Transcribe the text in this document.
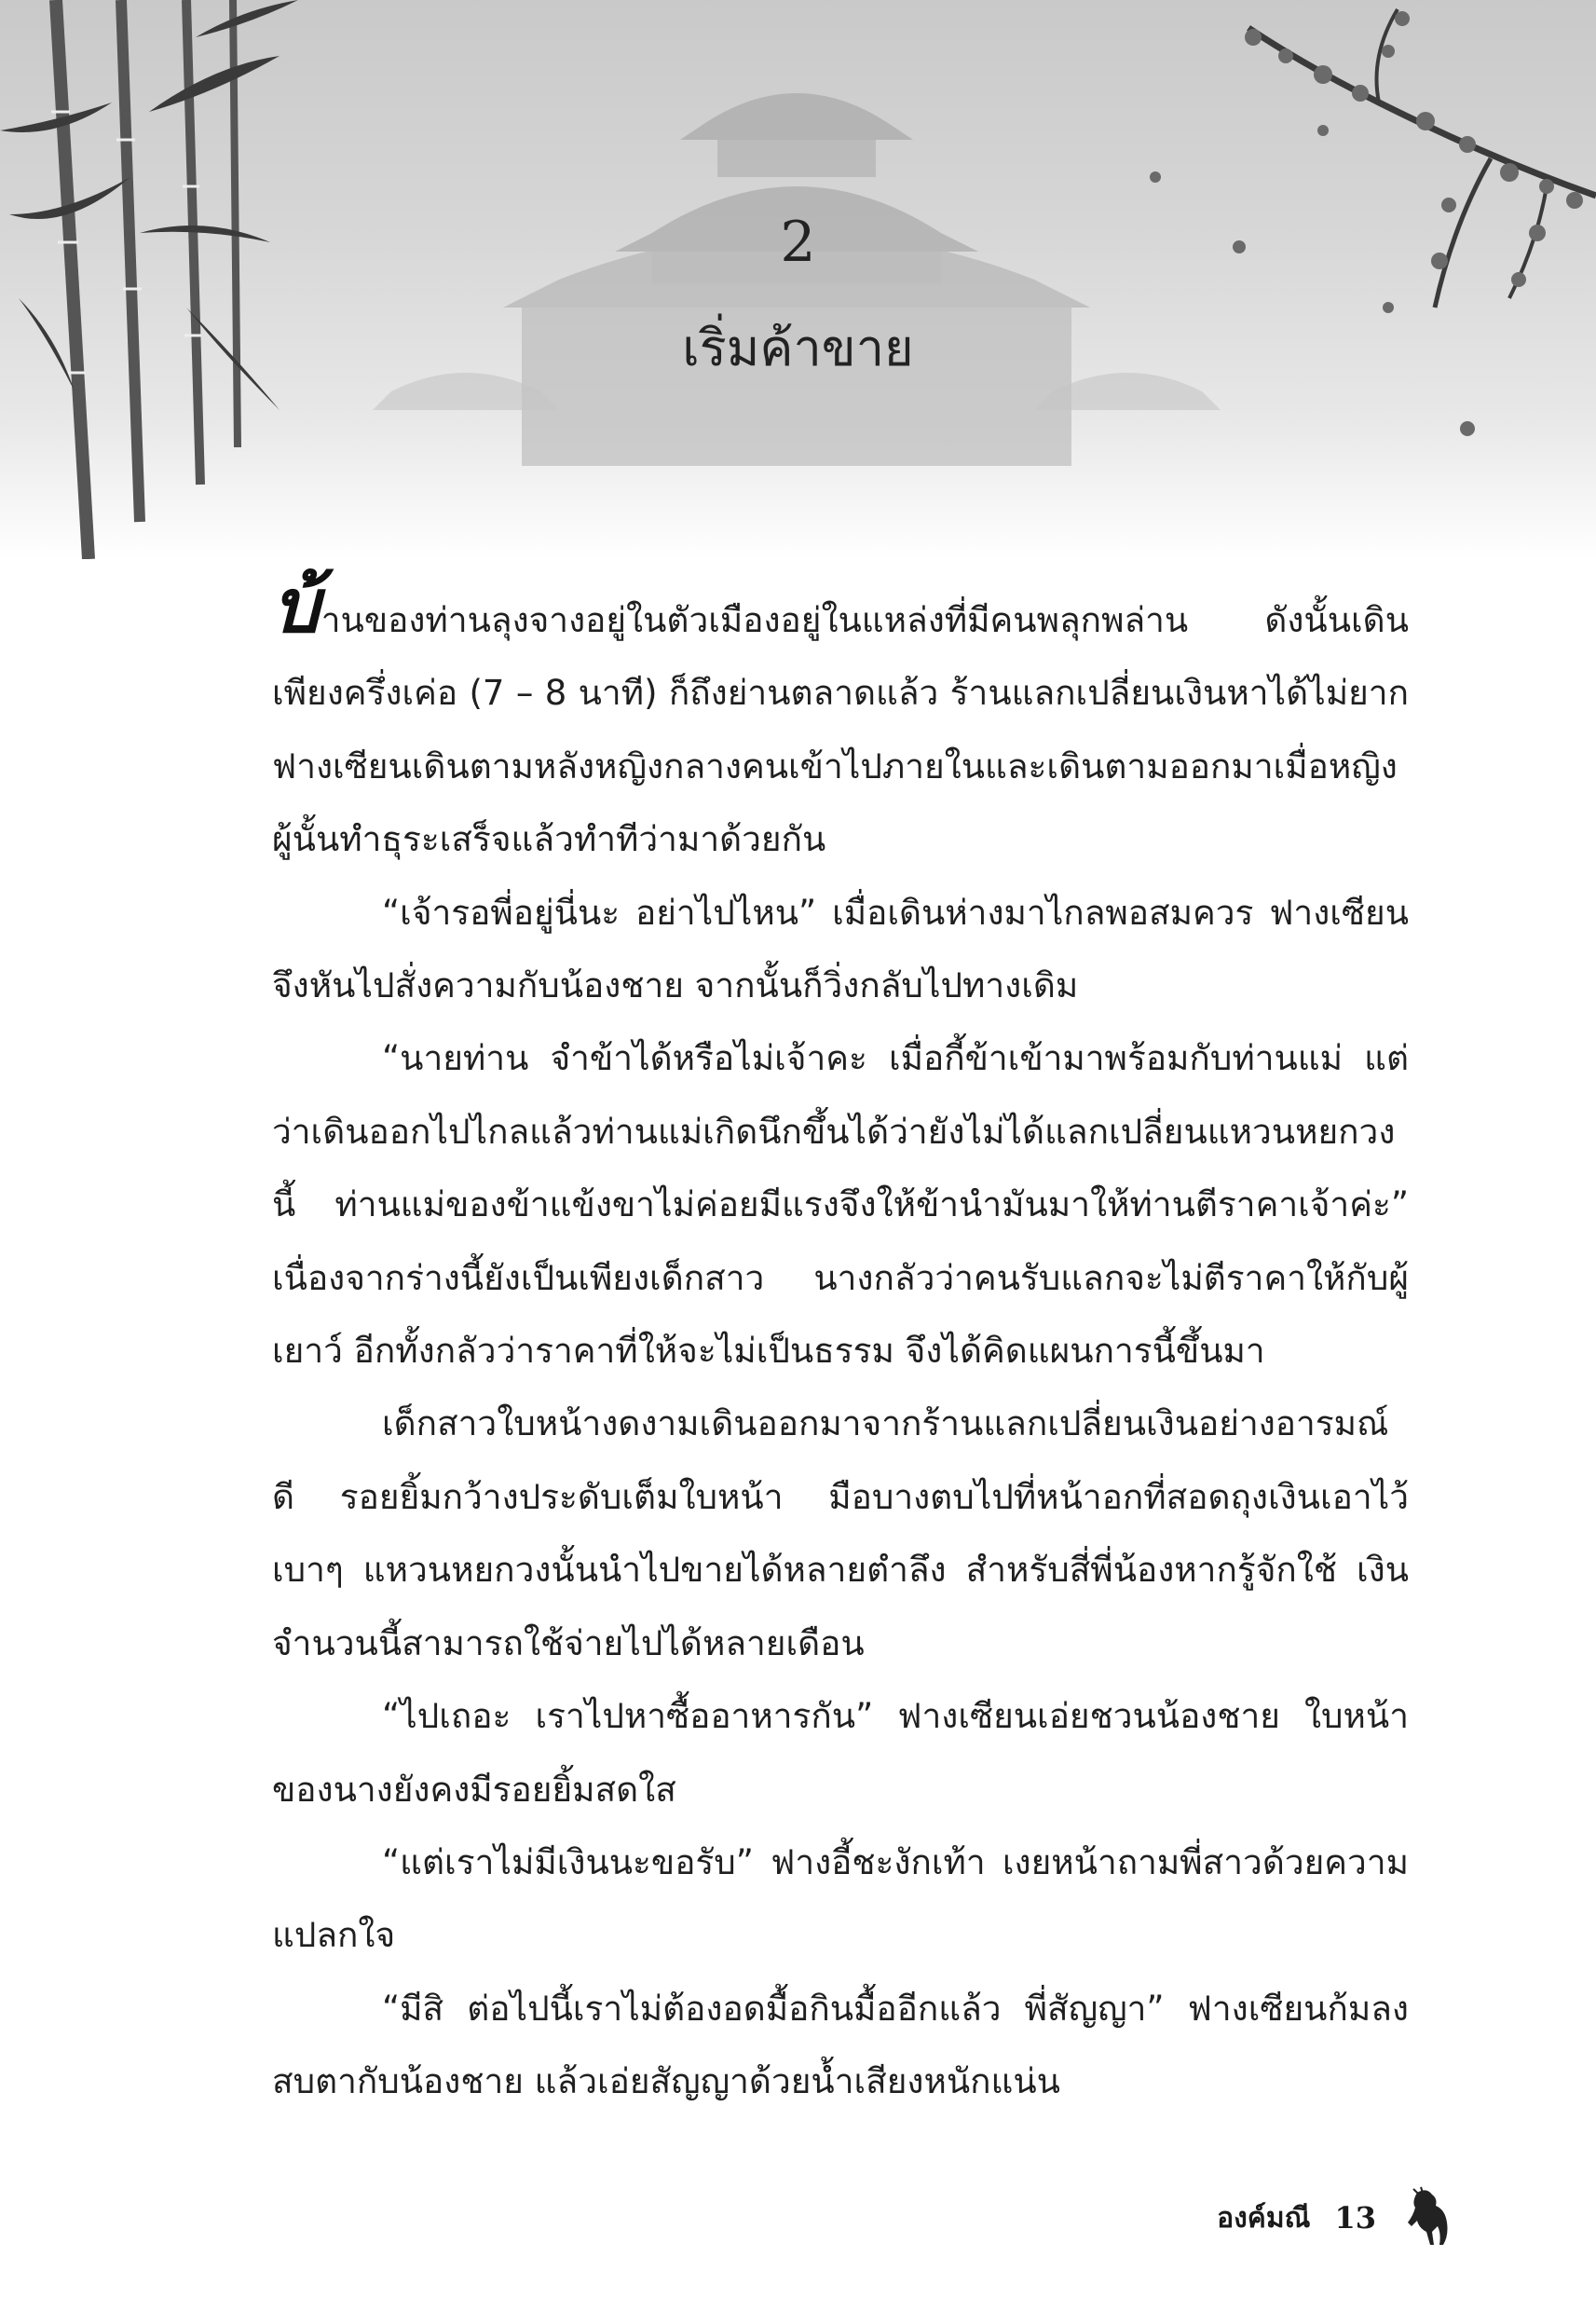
2
เริ่มค้าขาย

บ้านของท่านลุงจางอยู่ในตัวเมืองอยู่ในแหล่งที่มีคนพลุกพล่าน ดังนั้นเดินเพียงครึ่งเค่อ (7 – 8 นาที) ก็ถึงย่านตลาดแล้ว ร้านแลกเปลี่ยนเงินหาได้ไม่ยาก ฟางเซียนเดินตามหลังหญิงกลางคนเข้าไปภายในและเดินตามออกมาเมื่อหญิงผู้นั้นทำธุระเสร็จแล้วทำทีว่ามาด้วยกัน

“เจ้ารอพี่อยู่นี่นะ อย่าไปไหน” เมื่อเดินห่างมาไกลพอสมควร ฟางเซียนจึงหันไปสั่งความกับน้องชาย จากนั้นก็วิ่งกลับไปทางเดิม

“นายท่าน จำข้าได้หรือไม่เจ้าคะ เมื่อกี้ข้าเข้ามาพร้อมกับท่านแม่ แต่ว่าเดินออกไปไกลแล้วท่านแม่เกิดนึกขึ้นได้ว่ายังไม่ได้แลกเปลี่ยนแหวนหยกวงนี้ ท่านแม่ของข้าแข้งขาไม่ค่อยมีแรงจึงให้ข้านำมันมาให้ท่านตีราคาเจ้าค่ะ” เนื่องจากร่างนี้ยังเป็นเพียงเด็กสาว นางกลัวว่าคนรับแลกจะไม่ตีราคาให้กับผู้เยาว์ อีกทั้งกลัวว่าราคาที่ให้จะไม่เป็นธรรม จึงได้คิดแผนการนี้ขึ้นมา

เด็กสาวใบหน้างดงามเดินออกมาจากร้านแลกเปลี่ยนเงินอย่างอารมณ์ดี รอยยิ้มกว้างประดับเต็มใบหน้า มือบางตบไปที่หน้าอกที่สอดถุงเงินเอาไว้เบาๆ แหวนหยกวงนั้นนำไปขายได้หลายตำลึง สำหรับสี่พี่น้องหากรู้จักใช้ เงินจำนวนนี้สามารถใช้จ่ายไปได้หลายเดือน

“ไปเถอะ เราไปหาซื้ออาหารกัน” ฟางเซียนเอ่ยชวนน้องชาย ใบหน้าของนางยังคงมีรอยยิ้มสดใส

“แต่เราไม่มีเงินนะขอรับ” ฟางอี้ชะงักเท้า เงยหน้าถามพี่สาวด้วยความแปลกใจ

“มีสิ ต่อไปนี้เราไม่ต้องอดมื้อกินมื้ออีกแล้ว พี่สัญญา” ฟางเซียนก้มลงสบตากับน้องชาย แล้วเอ่ยสัญญาด้วยน้ำเสียงหนักแน่น

องค์มณี 13
